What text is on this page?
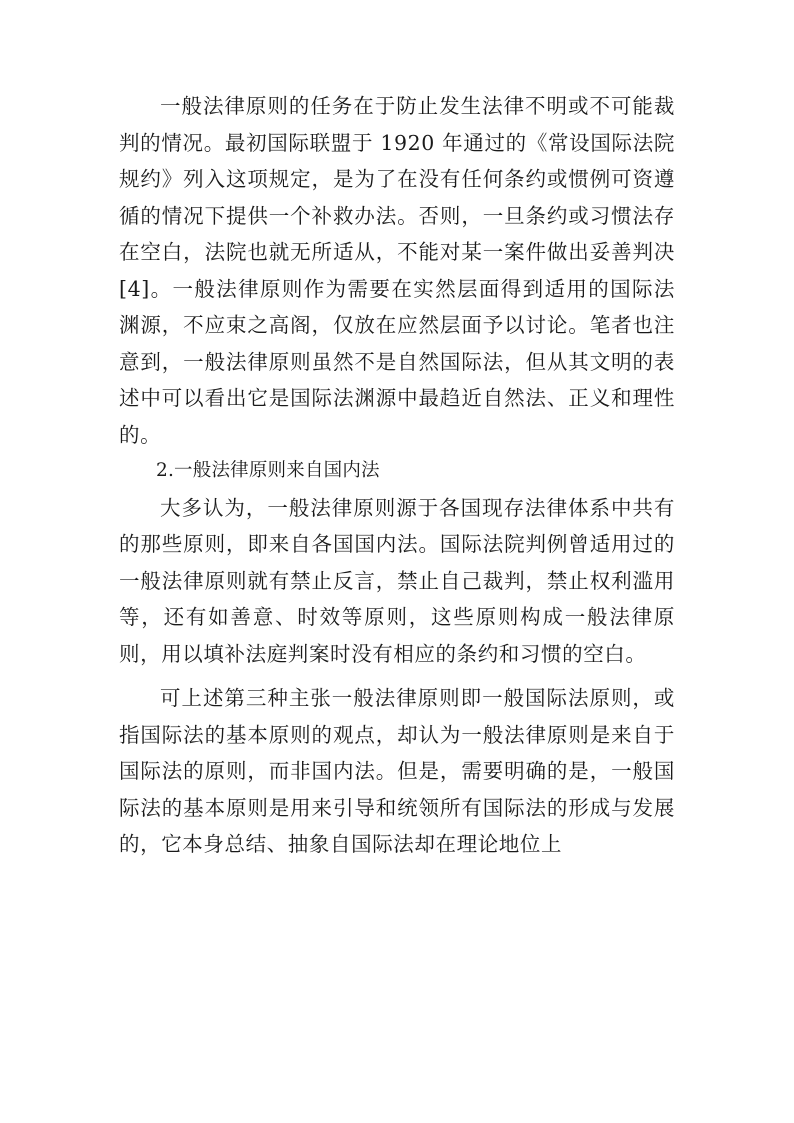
一般法律原则的任务在于防止发生法律不明或不可能裁判的情况。最初国际联盟于 1920 年通过的《常设国际法院规约》列入这项规定，是为了在没有任何条约或惯例可资遵循的情况下提供一个补救办法。否则，一旦条约或习惯法存在空白，法院也就无所适从，不能对某一案件做出妥善判决[4]。一般法律原则作为需要在实然层面得到适用的国际法渊源，不应束之高阁，仅放在应然层面予以讨论。笔者也注意到，一般法律原则虽然不是自然国际法，但从其文明的表述中可以看出它是国际法渊源中最趋近自然法、正义和理性的。

2.一般法律原则来自国内法

大多认为，一般法律原则源于各国现存法律体系中共有的那些原则，即来自各国国内法。国际法院判例曾适用过的一般法律原则就有禁止反言，禁止自己裁判，禁止权利滥用等，还有如善意、时效等原则，这些原则构成一般法律原则，用以填补法庭判案时没有相应的条约和习惯的空白。

可上述第三种主张一般法律原则即一般国际法原则，或指国际法的基本原则的观点，却认为一般法律原则是来自于国际法的原则，而非国内法。但是，需要明确的是，一般国际法的基本原则是用来引导和统领所有国际法的形成与发展的，它本身总结、抽象自国际法却在理论地位上
